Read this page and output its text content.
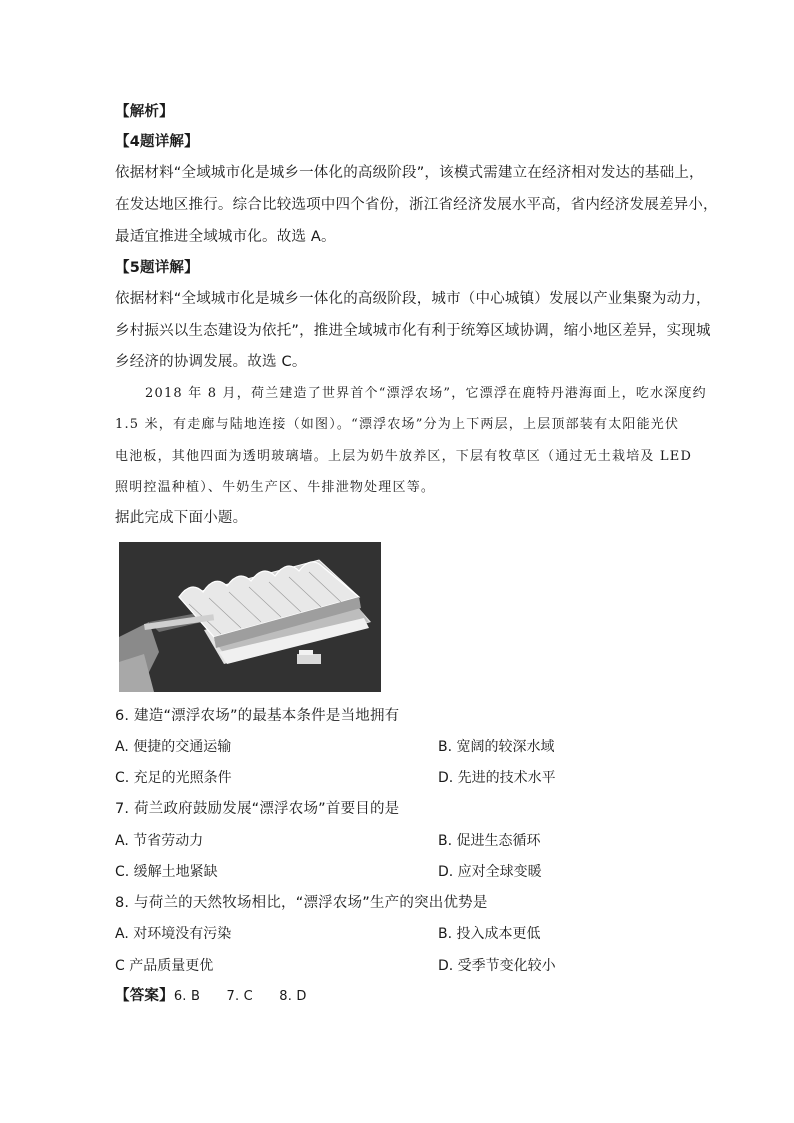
【解析】
【4题详解】
依据材料“全域城市化是城乡一体化的高级阶段”，该模式需建立在经济相对发达的基础上，
在发达地区推行。综合比较选项中四个省份，浙江省经济发展水平高，省内经济发展差异小，
最适宜推进全域城市化。故选 A。
【5题详解】
依据材料“全域城市化是城乡一体化的高级阶段，城市（中心城镇）发展以产业集聚为动力，
乡村振兴以生态建设为依托”，推进全域城市化有利于统筹区域协调，缩小地区差异，实现城
乡经济的协调发展。故选 C。
2018 年 8 月，荷兰建造了世界首个“漂浮农场”，它漂浮在鹿特丹港海面上，吃水深度约
1.5 米，有走廊与陆地连接（如图）。“漂浮农场”分为上下两层，上层顶部装有太阳能光伏
电池板，其他四面为透明玻璃墙。上层为奶牛放养区，下层有牧草区（通过无土栽培及 LED
照明控温种植）、牛奶生产区、牛排泄物处理区等。
据此完成下面小题。
6. 建造“漂浮农场”的最基本条件是当地拥有
A. 便捷的交通运输	B. 宽阔的较深水域
C. 充足的光照条件	D. 先进的技术水平
7. 荷兰政府鼓励发展“漂浮农场”首要目的是
A. 节省劳动力	B. 促进生态循环
C. 缓解土地紧缺	D. 应对全球变暖
8. 与荷兰的天然牧场相比，“漂浮农场”生产的突出优势是
A. 对环境没有污染	B. 投入成本更低
C 产品质量更优	D. 受季节变化较小
【答案】6. B　　7. C　　8. D
